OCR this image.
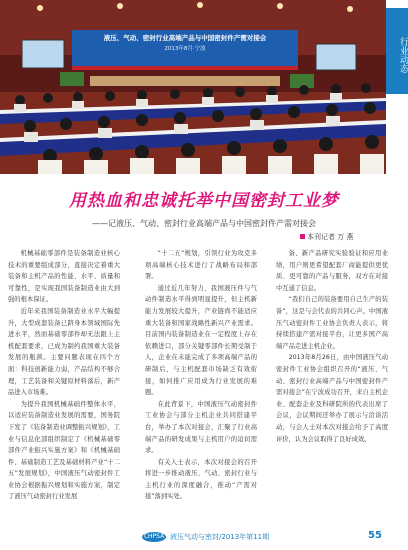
液压、气动、密封行业高端产品与中国密封件产需对接会
2013年8月·宁波	行业动态
用热血和忠诚托举中国密封工业梦
——记液压、气动、密封行业高端产品与中国密封件产需对接会
本刊记者 万 燕

机械基础零部件是装备制造业核心技术的重要组成部分，直接决定着重大装备和主机产品的性能、水平、质量和可靠性，是实现我国装备制造业由大到强的根本保证。

近年来我国装备制造业水平大幅提升，大型成套装备已跻身本领域国际先进水平，然而基础零部件却无法跟上主机配套要求，已成为制约我国重大装备发展的瓶颈。主要问题表现在四个方面：科技创新能力弱，产品结构不够合理，工艺装备和关键原材料落后，新产品进入市场难。

为提升我国机械基础件整体水平，以适应装备制造业发展的需要，国务院下发了《装备制造业调整振兴规划》，工业与信息化部组织制定了《机械基础零部件产业振兴实施方案》和《机械基础件、基础制造工艺及基础材料产业“十二五”发展规划》，中国液压气动密封件工业协会根据振兴规划和实施方案，制定了液压气动密封行业发展

“十二五”规划，引领行业为攻克多项高端核心技术进行了战略布局和部署。

通过近几年努力，我国液压件与气动件制造水平得到明显提升，但主机新能力发展较大提升，产业链尚不能适应重大装备和国家战略性新兴产业需求。目前国内装备制造业在一定程度上存在依赖进口，部分关键零部件长期受制于人，企业在未能完成了多项高端产品的研制后，与主机配套市场缺乏有效衔接，如何推广应用成为行业发展的难题。

在此背景下，中国液压气动密封件工业协会与部分主机企业共同搭建平台，举办了本次对接会，汇聚了行业高端产品的研发成果与主机用户的迫切需求。

有关人士表示，本次对接会的召开将进一步推动液压、气动、密封行业与主机行业的深度融合，推动“产需对接”落到实处。

备、新产品研究实验验证和应用业绩，用户则更希望配套厂商能提供更优质、更可靠的产品与服务，双方在对接中互通了信息。

“我们自己的装备要用自己生产的装备”，这是与会代表的共同心声。中国液压气动密封件工业协会负责人表示，将持续搭建产需对接平台，让更多国产高端产品走进主机企业。

2013年8月26日，由中国液压气动密封件工业协会组织召开的“液压、气动、密封行业高端产品与中国密封件产需对接会”在宁波成功召开，来自主机企业、配套企业及科研院所的代表出席了会议，会议期间还举办了展示与洽谈活动，与会人士对本次对接会给予了高度评价，认为会议取得了良好成效。

CHPSA 液压气动与密封/2013年第11期	55
